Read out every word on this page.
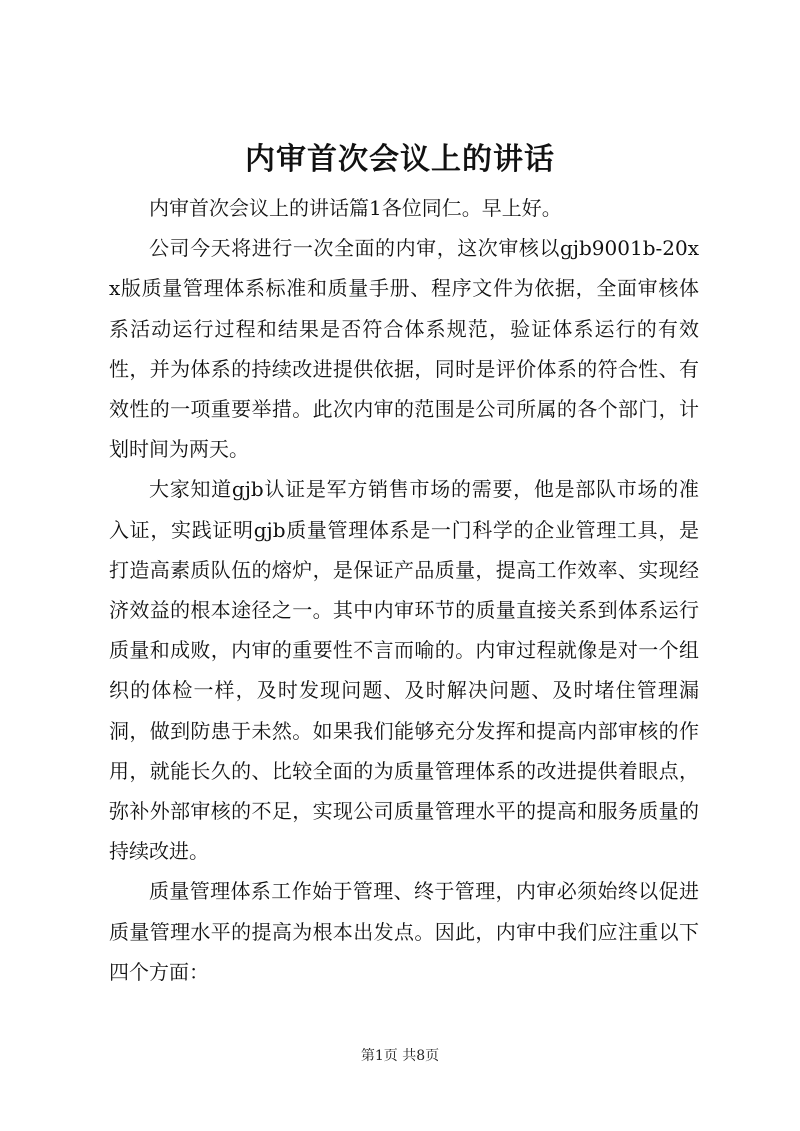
内审首次会议上的讲话

内审首次会议上的讲话篇1各位同仁。早上好。

公司今天将进行一次全面的内审，这次审核以gjb9001b-20xx版质量管理体系标准和质量手册、程序文件为依据，全面审核体系活动运行过程和结果是否符合体系规范，验证体系运行的有效性，并为体系的持续改进提供依据，同时是评价体系的符合性、有效性的一项重要举措。此次内审的范围是公司所属的各个部门，计划时间为两天。

大家知道gjb认证是军方销售市场的需要，他是部队市场的准入证，实践证明gjb质量管理体系是一门科学的企业管理工具，是打造高素质队伍的熔炉，是保证产品质量，提高工作效率、实现经济效益的根本途径之一。其中内审环节的质量直接关系到体系运行质量和成败，内审的重要性不言而喻的。内审过程就像是对一个组织的体检一样，及时发现问题、及时解决问题、及时堵住管理漏洞，做到防患于未然。如果我们能够充分发挥和提高内部审核的作用，就能长久的、比较全面的为质量管理体系的改进提供着眼点，弥补外部审核的不足，实现公司质量管理水平的提高和服务质量的持续改进。

质量管理体系工作始于管理、终于管理，内审必须始终以促进质量管理水平的提高为根本出发点。因此，内审中我们应注重以下四个方面：

第1页 共8页
